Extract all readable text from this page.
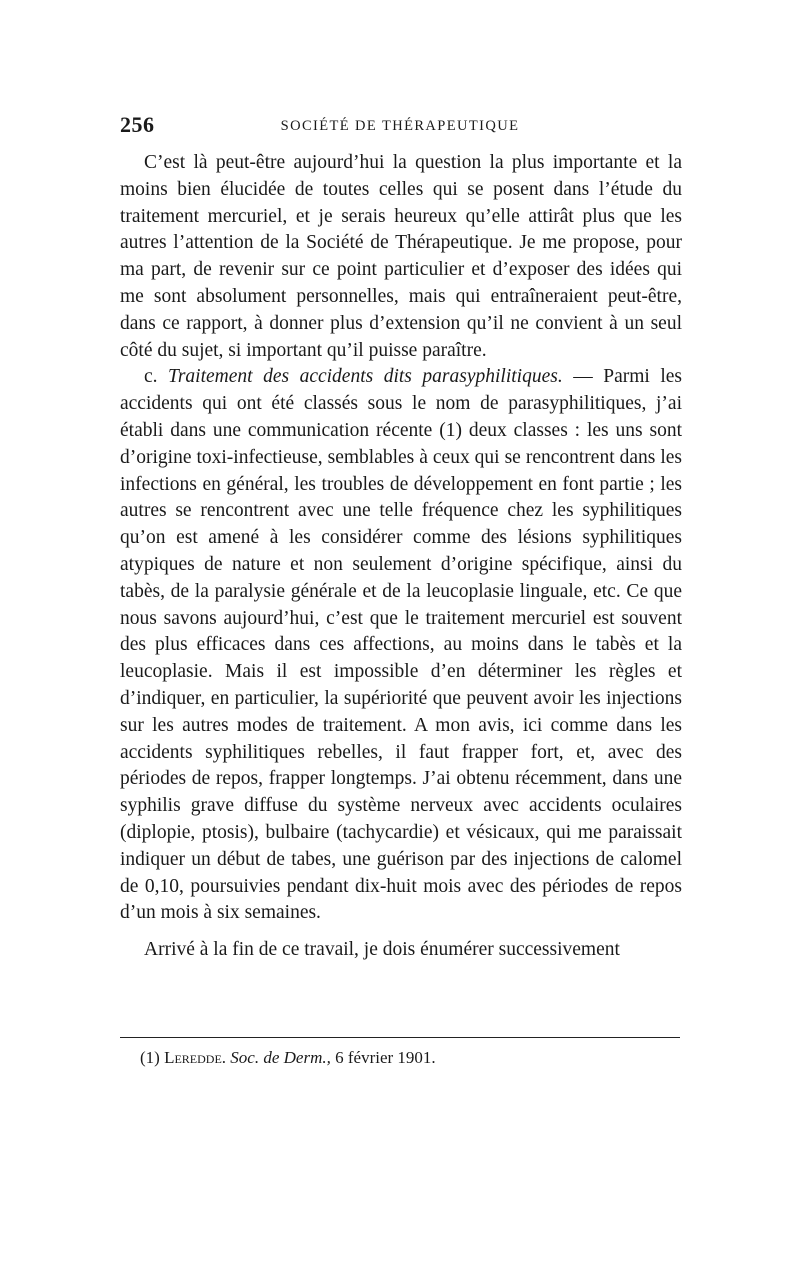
256	SOCIÉTÉ DE THÉRAPEUTIQUE

C’est là peut-être aujourd’hui la question la plus importante et la moins bien élucidée de toutes celles qui se posent dans l’étude du traitement mercuriel, et je serais heureux qu’elle attirât plus que les autres l’attention de la Société de Thérapeutique. Je me propose, pour ma part, de revenir sur ce point particulier et d’exposer des idées qui me sont absolument personnelles, mais qui entraîneraient peut-être, dans ce rapport, à donner plus d’extension qu’il ne convient à un seul côté du sujet, si important qu’il puisse paraître.

c. Traitement des accidents dits parasyphilitiques. — Parmi les accidents qui ont été classés sous le nom de parasyphilitiques, j’ai établi dans une communication récente (1) deux classes : les uns sont d’origine toxi-infectieuse, semblables à ceux qui se rencontrent dans les infections en général, les troubles de développement en font partie ; les autres se rencontrent avec une telle fréquence chez les syphilitiques qu’on est amené à les considérer comme des lésions syphilitiques atypiques de nature et non seulement d’origine spécifique, ainsi du tabès, de la paralysie générale et de la leucoplasie linguale, etc. Ce que nous savons aujourd’hui, c’est que le traitement mercuriel est souvent des plus efficaces dans ces affections, au moins dans le tabès et la leucoplasie. Mais il est impossible d’en déterminer les règles et d’indiquer, en particulier, la supériorité que peuvent avoir les injections sur les autres modes de traitement. A mon avis, ici comme dans les accidents syphilitiques rebelles, il faut frapper fort, et, avec des périodes de repos, frapper longtemps. J’ai obtenu récemment, dans une syphilis grave diffuse du système nerveux avec accidents oculaires (diplopie, ptosis), bulbaire (tachycardie) et vésicaux, qui me paraissait indiquer un début de tabes, une guérison par des injections de calomel de 0,10, poursuivies pendant dix-huit mois avec des périodes de repos d’un mois à six semaines.

Arrivé à la fin de ce travail, je dois énumérer successivement

(1) Leredde. Soc. de Derm., 6 février 1901.
